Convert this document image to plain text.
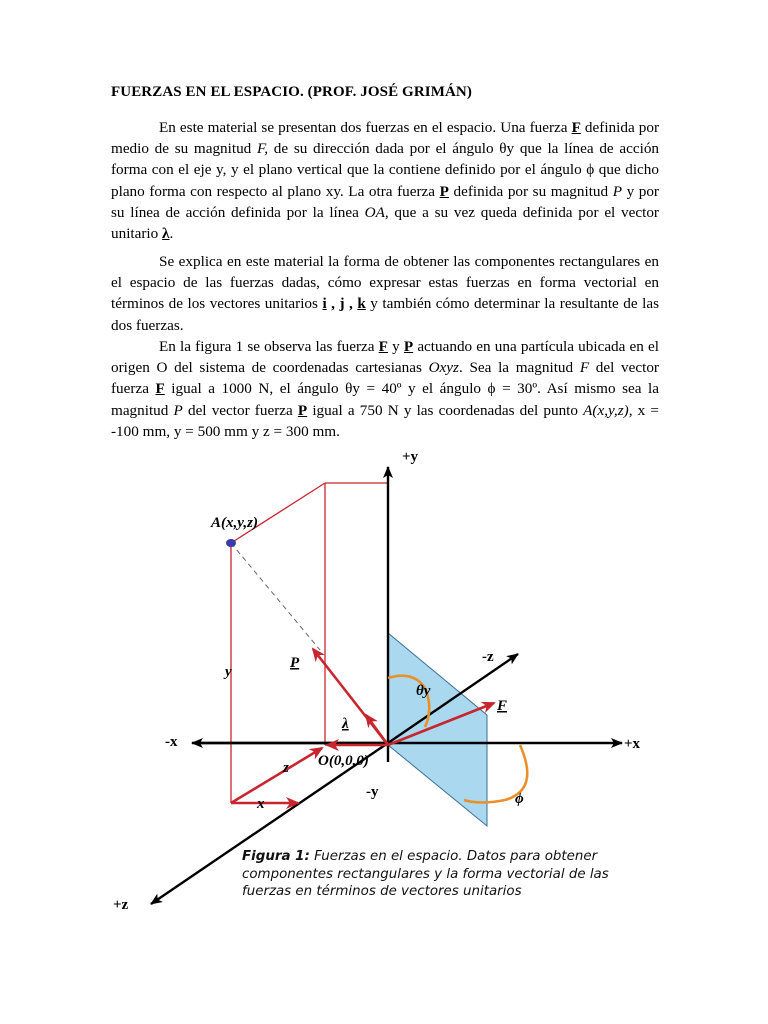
FUERZAS EN EL ESPACIO. (PROF. JOSÉ GRIMÁN)
En este material se presentan dos fuerzas en el espacio. Una fuerza F definida por medio de su magnitud F, de su dirección dada por el ángulo θy que la línea de acción forma con el eje y, y el plano vertical que la contiene definido por el ángulo ϕ que dicho plano forma con respecto al plano xy. La otra fuerza P definida por su magnitud P y por su línea de acción definida por la línea OA, que a su vez queda definida por el vector unitario λ.
Se explica en este material la forma de obtener las componentes rectangulares en el espacio de las fuerzas dadas, cómo expresar estas fuerzas en forma vectorial en términos de los vectores unitarios i , j , k y también cómo determinar la resultante de las dos fuerzas.
En la figura 1 se observa las fuerza F y P actuando en una partícula ubicada en el origen O del sistema de coordenadas cartesianas Oxyz. Sea la magnitud F del vector fuerza F igual a 1000 N, el ángulo θy = 40º y el ángulo ϕ = 30º. Así mismo sea la magnitud P del vector fuerza P igual a 750 N y las coordenadas del punto A(x,y,z), x = -100 mm, y = 500 mm y z = 300 mm.
+y
-y
+x
-x
+z
-z
A(x,y,z)
O(0,0,0)
P
F
λ
θy
ϕ
y
z
x
Figura 1: Fuerzas en el espacio. Datos para obtener componentes rectangulares y la forma vectorial de las fuerzas en términos de vectores unitarios
